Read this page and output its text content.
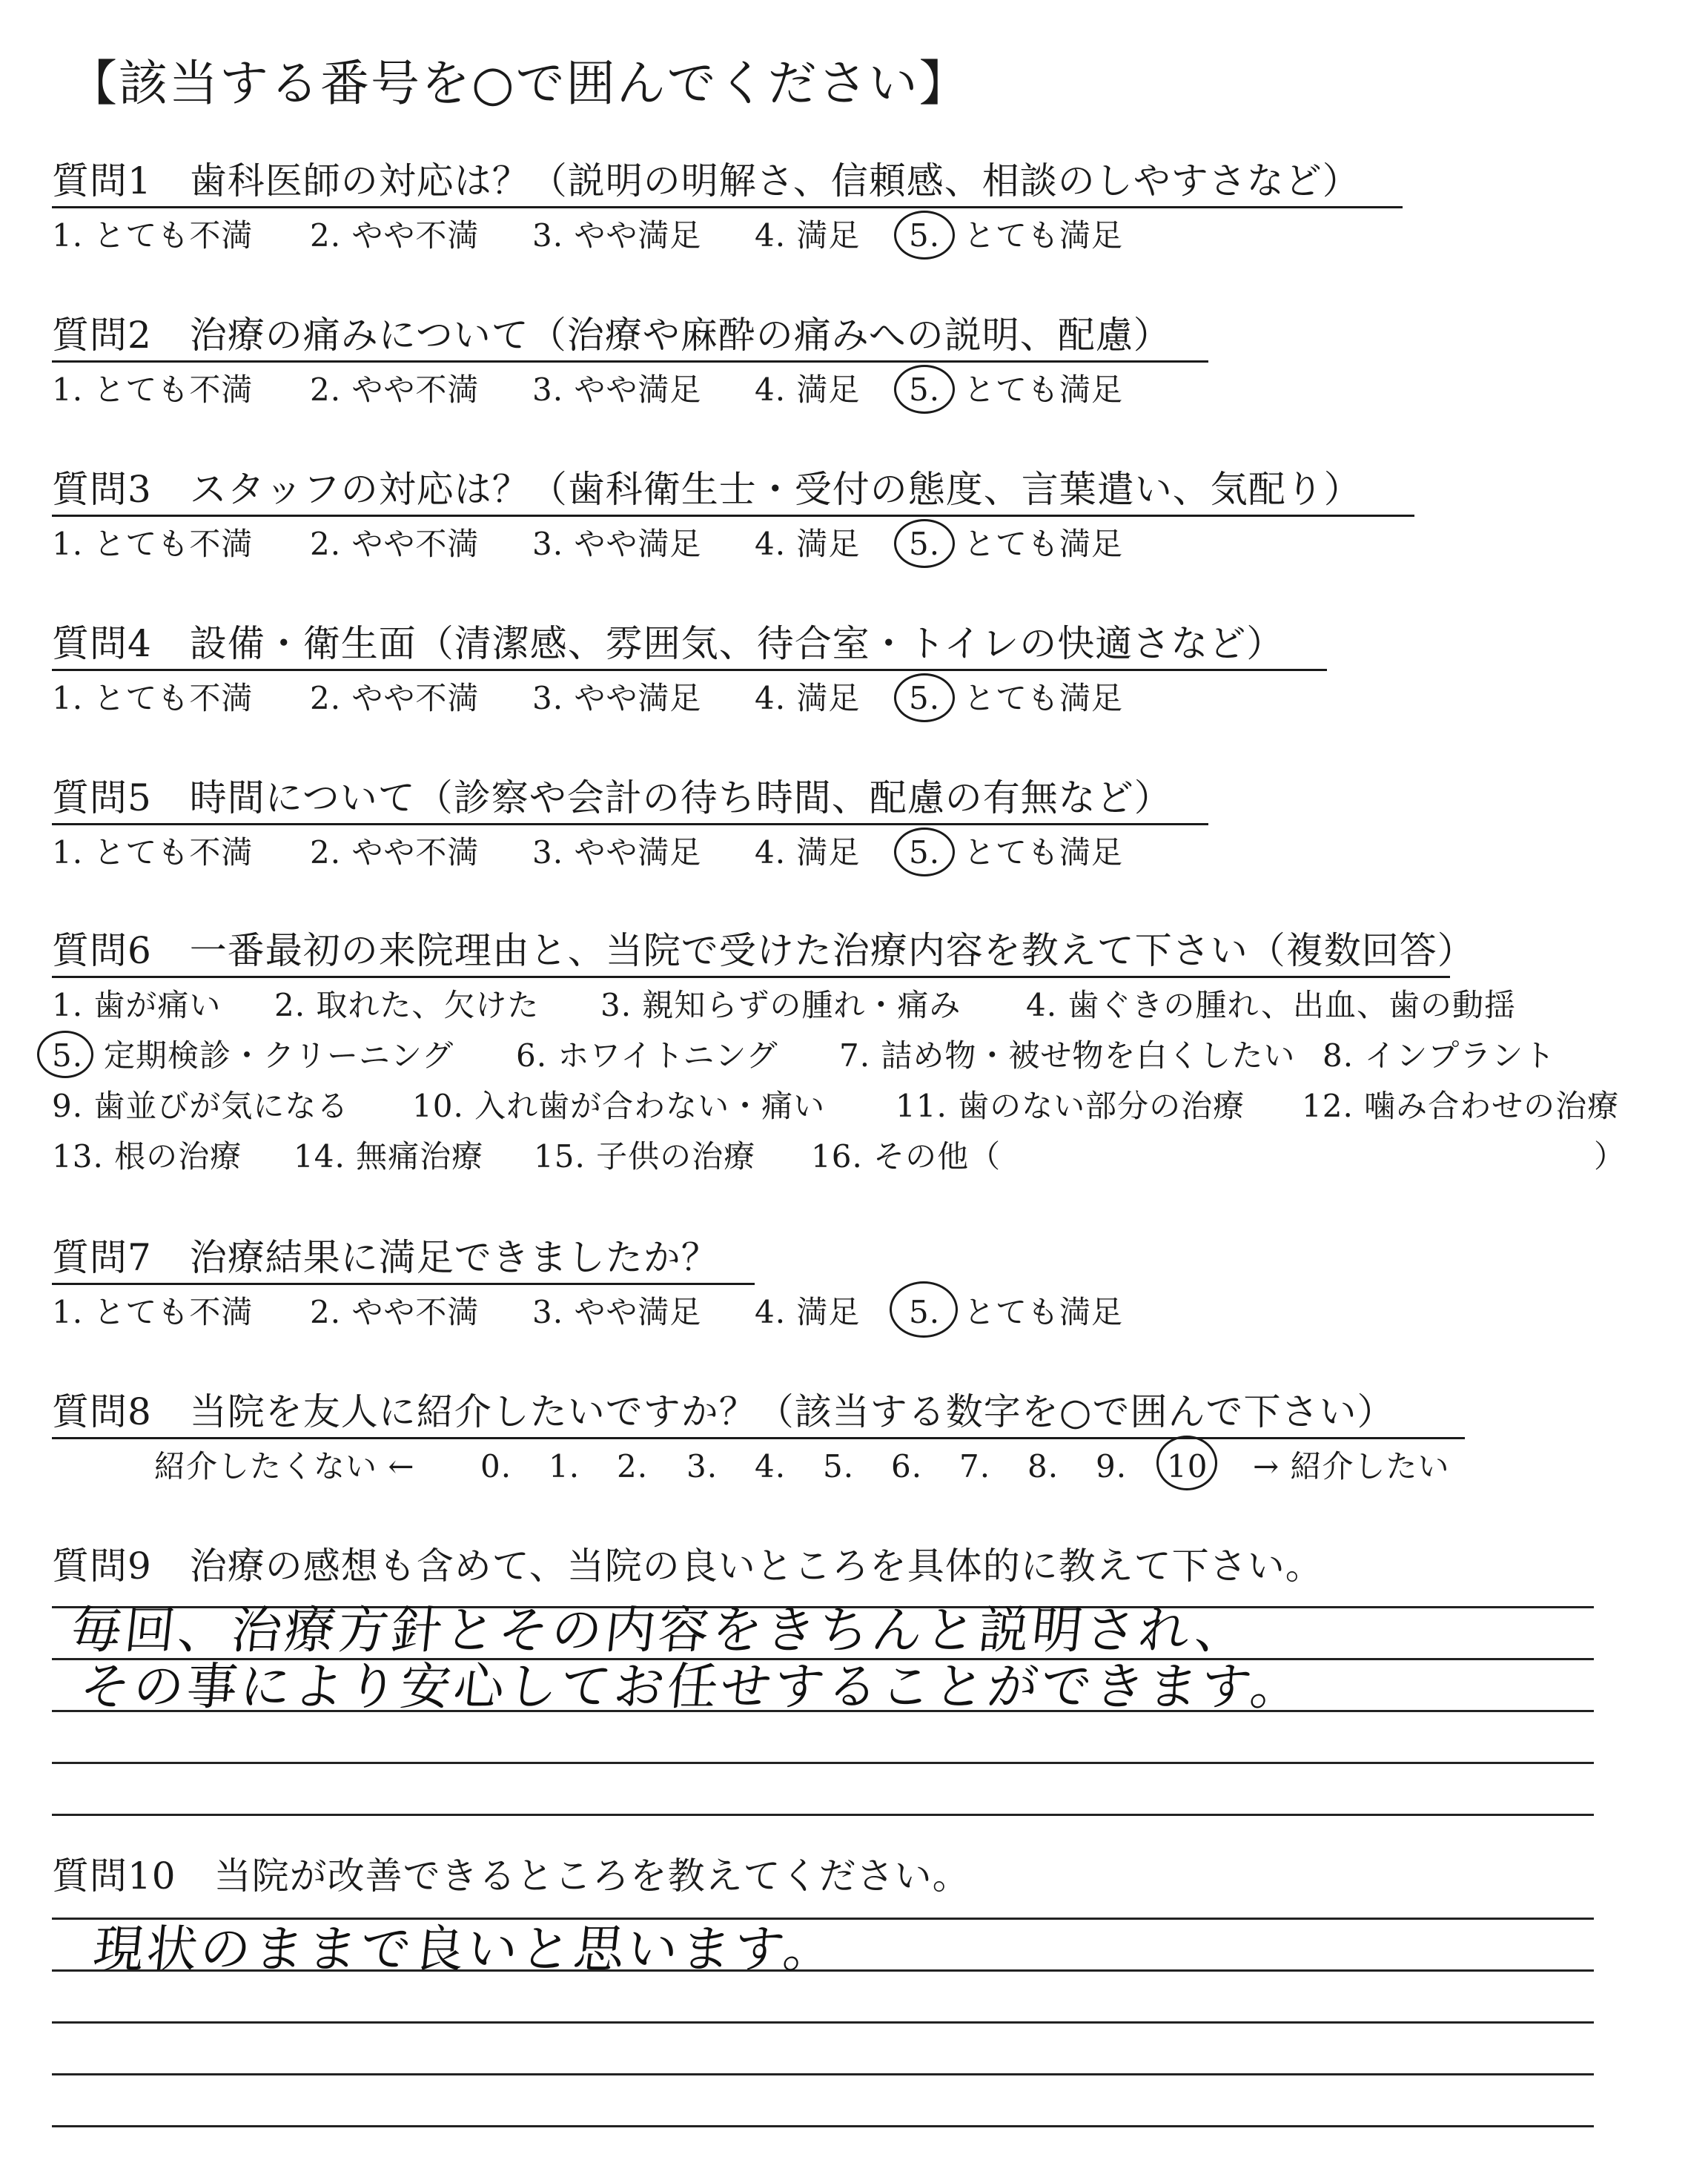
【該当する番号を○で囲んでください】
質問1　歯科医師の対応は？（説明の明解さ、信頼感、相談のしやすさなど）
1. とても不満 2. やや不満 3. やや満足 4. 満足 5. とても満足
質問2　治療の痛みについて（治療や麻酔の痛みへの説明、配慮）
1. とても不満 2. やや不満 3. やや満足 4. 満足 5. とても満足
質問3　スタッフの対応は？（歯科衛生士・受付の態度、言葉遣い、気配り）
1. とても不満 2. やや不満 3. やや満足 4. 満足 5. とても満足
質問4　設備・衛生面（清潔感、雰囲気、待合室・トイレの快適さなど）
1. とても不満 2. やや不満 3. やや満足 4. 満足 5. とても満足
質問5　時間について（診察や会計の待ち時間、配慮の有無など）
1. とても不満 2. やや不満 3. やや満足 4. 満足 5. とても満足
質問6　一番最初の来院理由と、当院で受けた治療内容を教えて下さい（複数回答）
1. 歯が痛い 2. 取れた、欠けた 3. 親知らずの腫れ・痛み 4. 歯ぐきの腫れ、出血、歯の動揺
5. 定期検診・クリーニング 6. ホワイトニング 7. 詰め物・被せ物を白くしたい 8. インプラント
9. 歯並びが気になる 10. 入れ歯が合わない・痛い 11. 歯のない部分の治療 12. 噛み合わせの治療
13. 根の治療 14. 無痛治療 15. 子供の治療 16. その他（	）
質問7　治療結果に満足できましたか？
1. とても不満 2. やや不満 3. やや満足 4. 満足 5. とても満足
質問8　当院を友人に紹介したいですか？（該当する数字を○で囲んで下さい）
紹介したくない ← 0. 1. 2. 3. 4. 5. 6. 7. 8. 9. 10 → 紹介したい
質問9　治療の感想も含めて、当院の良いところを具体的に教えて下さい。
毎回、治療方針とその内容をきちんと説明され、
その事により安心してお任せすることができます。
質問10　当院が改善できるところを教えてください。
現状のままで良いと思います。
